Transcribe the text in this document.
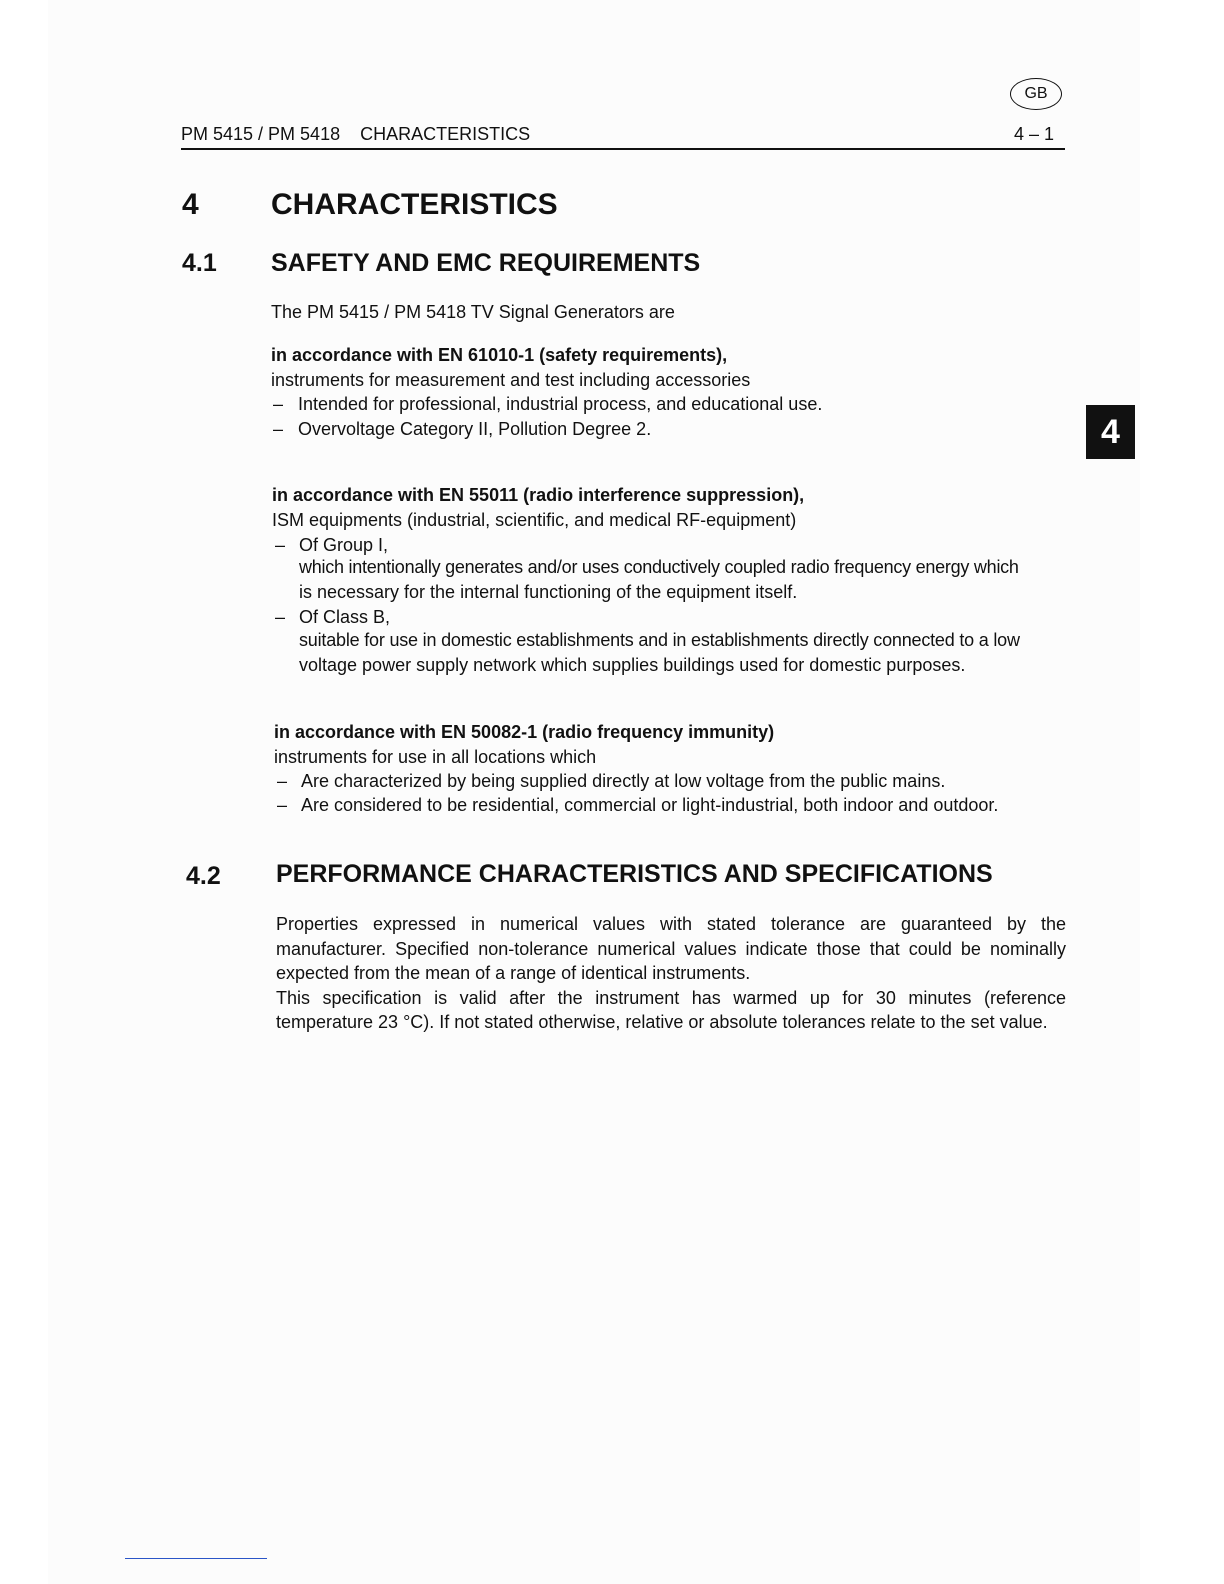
GB
PM 5415 / PM 5418    CHARACTERISTICS	4 – 1
4
4 CHARACTERISTICS
4.1 SAFETY AND EMC REQUIREMENTS
The PM 5415 / PM 5418 TV Signal Generators are
in accordance with EN 61010-1 (safety requirements),
instruments for measurement and test including accessories
– Intended for professional, industrial process, and educational use.
– Overvoltage Category II, Pollution Degree 2.
in accordance with EN 55011 (radio interference suppression),
ISM equipments (industrial, scientific, and medical RF-equipment)
– Of Group I,
which intentionally generates and/or uses conductively coupled radio frequency energy which
is necessary for the internal functioning of the equipment itself.
– Of Class B,
suitable for use in domestic establishments and in establishments directly connected to a low
voltage power supply network which supplies buildings used for domestic purposes.
in accordance with EN 50082-1 (radio frequency immunity)
instruments for use in all locations which
– Are characterized by being supplied directly at low voltage from the public mains.
– Are considered to be residential, commercial or light-industrial, both indoor and outdoor.
4.2 PERFORMANCE CHARACTERISTICS AND SPECIFICATIONS

Properties expressed in numerical values with stated tolerance are guaranteed by the manufacturer. Specified non-tolerance numerical values indicate those that could be nominally expected from the mean of a range of identical instruments.

This specification is valid after the instrument has warmed up for 30 minutes (reference temperature 23 °C). If not stated otherwise, relative or absolute tolerances relate to the set value.
